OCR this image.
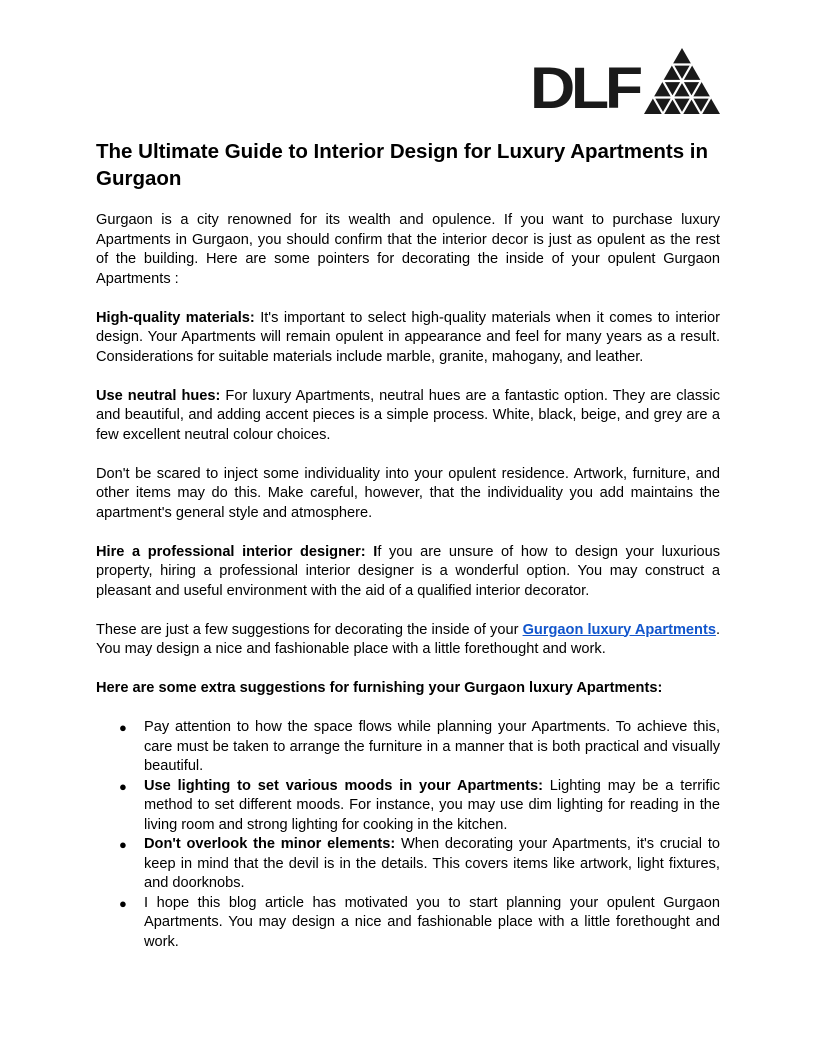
DLF
The Ultimate Guide to Interior Design for Luxury Apartments in Gurgaon

Gurgaon is a city renowned for its wealth and opulence. If you want to purchase luxury Apartments in Gurgaon, you should confirm that the interior decor is just as opulent as the rest of the building. Here are some pointers for decorating the inside of your opulent Gurgaon Apartments :

High-quality materials: It's important to select high-quality materials when it comes to interior design. Your Apartments will remain opulent in appearance and feel for many years as a result. Considerations for suitable materials include marble, granite, mahogany, and leather.

Use neutral hues: For luxury Apartments, neutral hues are a fantastic option. They are classic and beautiful, and adding accent pieces is a simple process. White, black, beige, and grey are a few excellent neutral colour choices.

Don't be scared to inject some individuality into your opulent residence. Artwork, furniture, and other items may do this. Make careful, however, that the individuality you add maintains the apartment's general style and atmosphere.

Hire a professional interior designer: If you are unsure of how to design your luxurious property, hiring a professional interior designer is a wonderful option. You may construct a pleasant and useful environment with the aid of a qualified interior decorator.

These are just a few suggestions for decorating the inside of your Gurgaon luxury Apartments. You may design a nice and fashionable place with a little forethought and work.

Here are some extra suggestions for furnishing your Gurgaon luxury Apartments:

● Pay attention to how the space flows while planning your Apartments. To achieve this, care must be taken to arrange the furniture in a manner that is both practical and visually beautiful.
● Use lighting to set various moods in your Apartments: Lighting may be a terrific method to set different moods. For instance, you may use dim lighting for reading in the living room and strong lighting for cooking in the kitchen.
● Don't overlook the minor elements: When decorating your Apartments, it's crucial to keep in mind that the devil is in the details. This covers items like artwork, light fixtures, and doorknobs.
● I hope this blog article has motivated you to start planning your opulent Gurgaon Apartments. You may design a nice and fashionable place with a little forethought and work.
